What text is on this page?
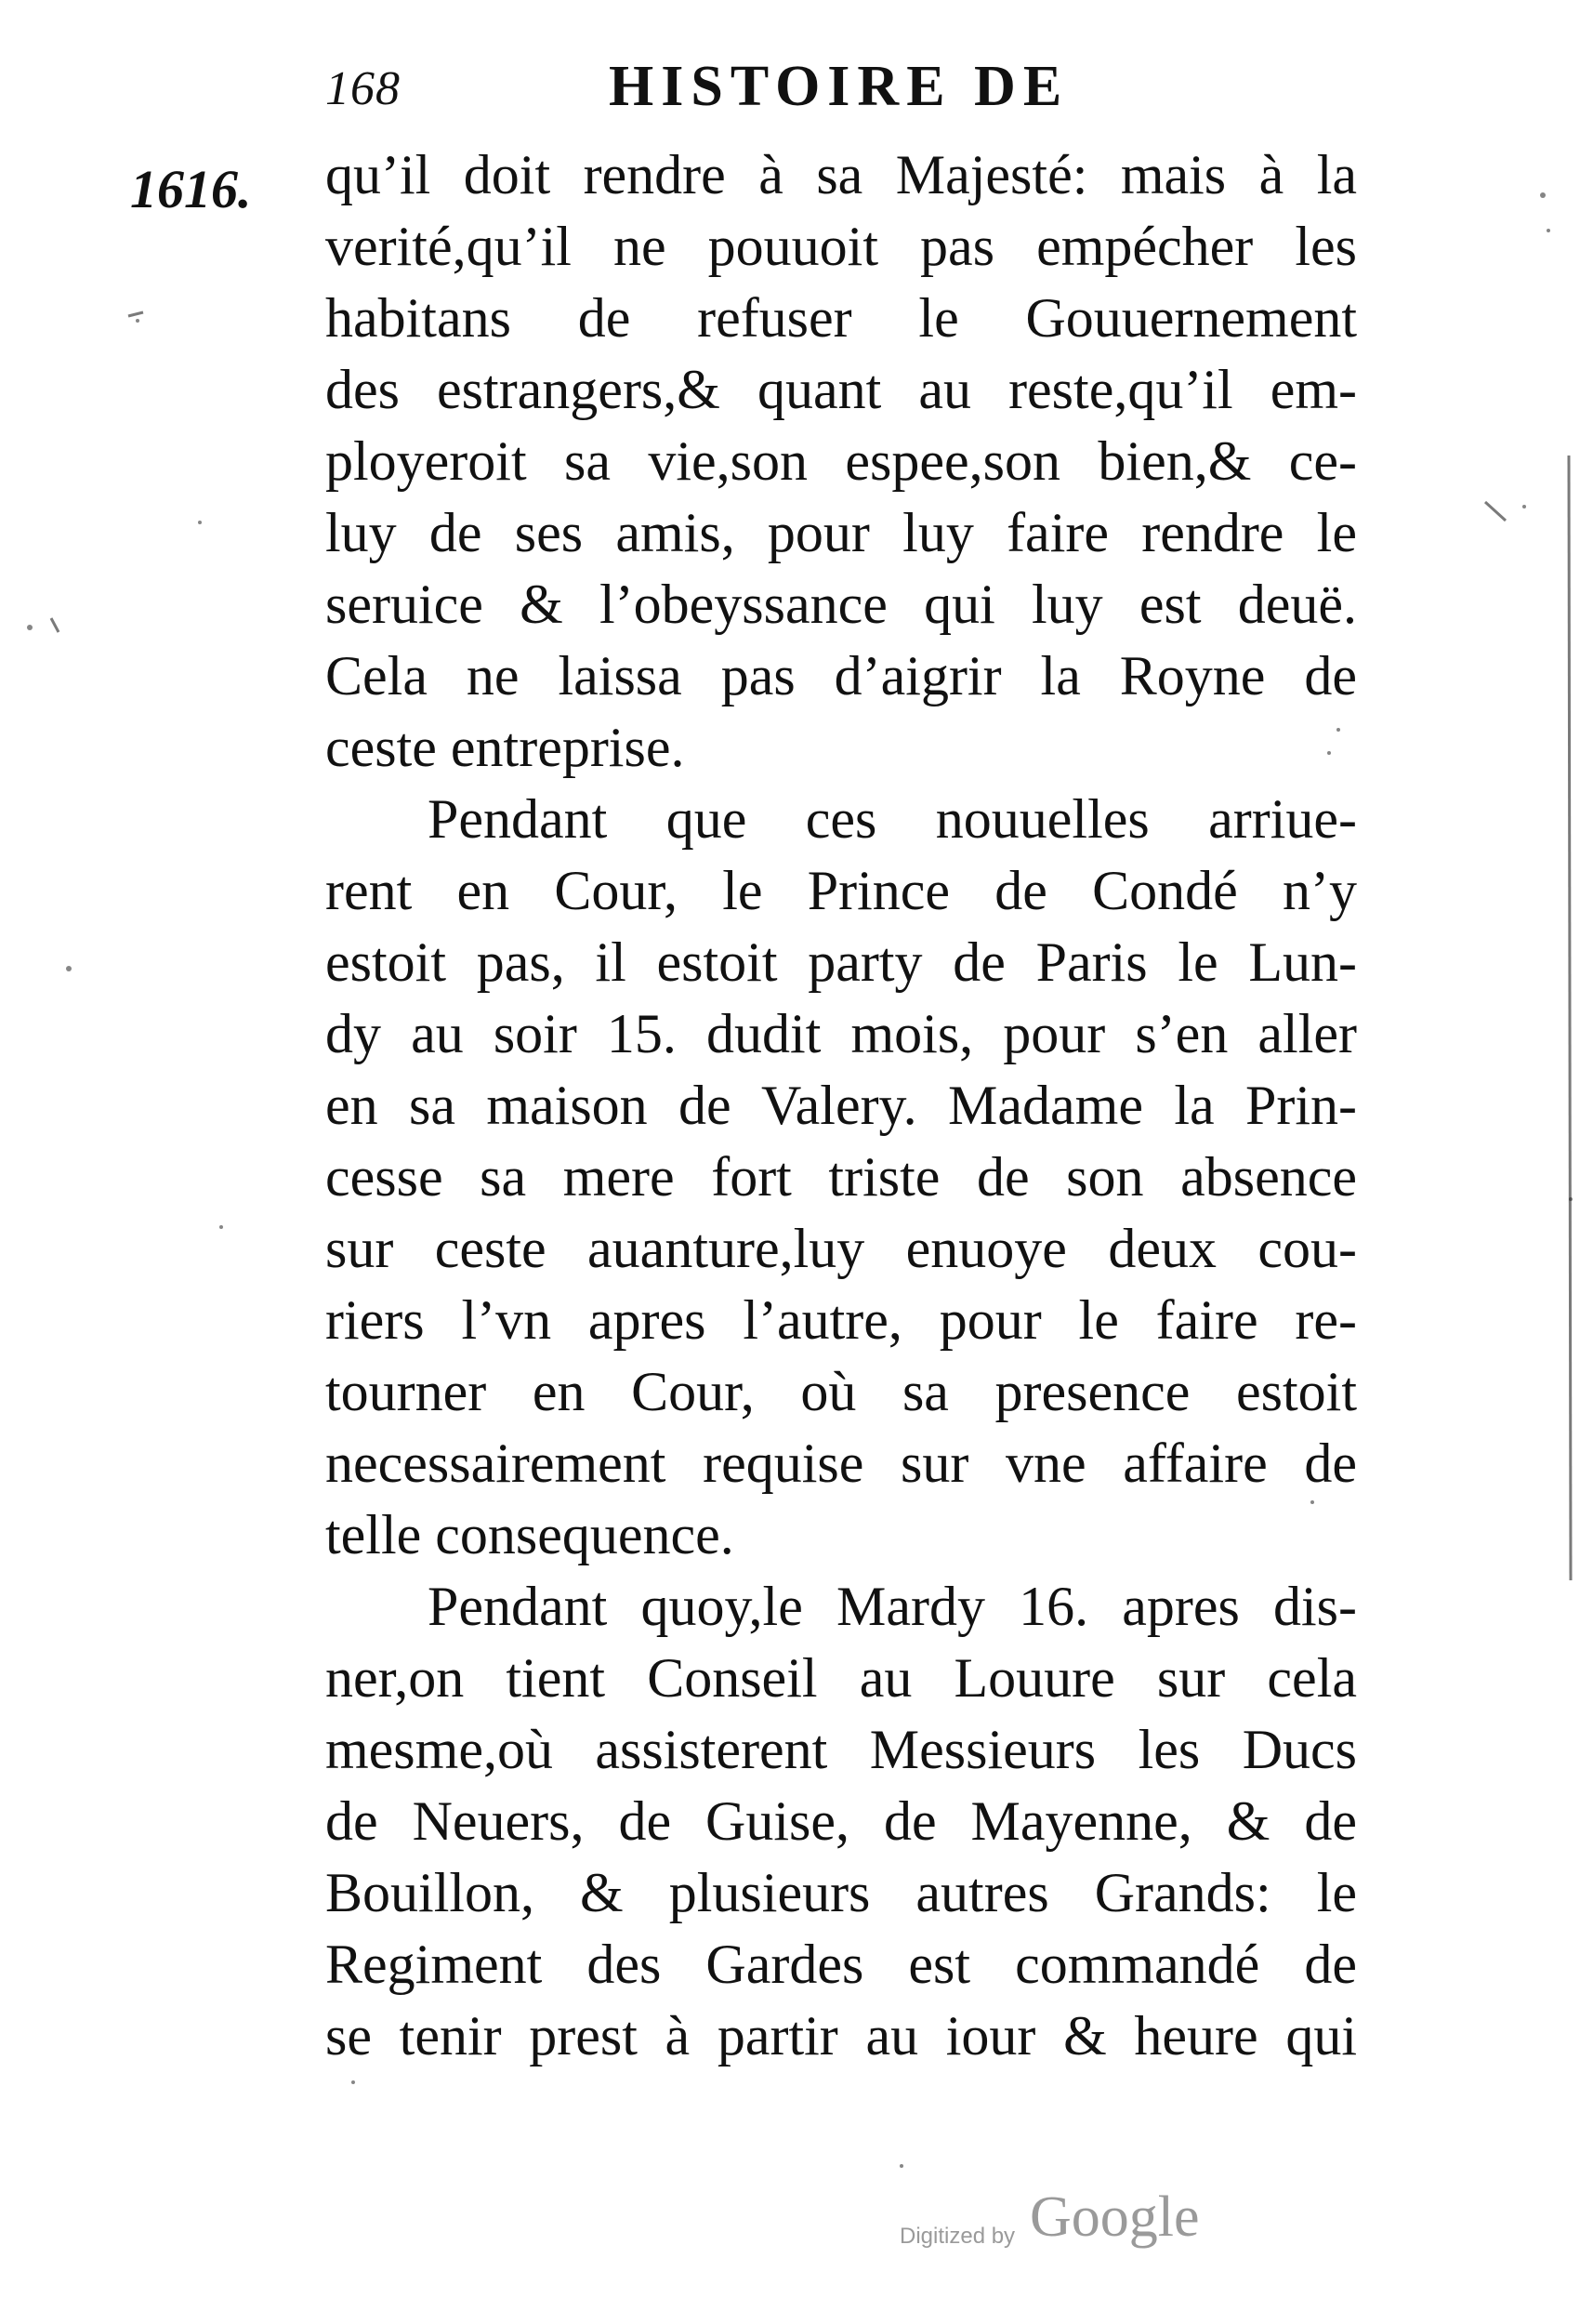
168	HISTOIRE DE
1616. qu’il doit rendre à sa Majesté: mais à la
verité,qu’il ne pouuoit pas empécher les
habitans de refuser le Gouuernement
des estrangers,& quant au reste,qu’il em-
ployeroit sa vie,son espee,son bien,& ce-
luy de ses amis, pour luy faire rendre le
seruice & l’obeyssance qui luy est deuë.
Cela ne laissa pas d’aigrir la Royne de
ceste entreprise.
Pendant que ces nouuelles arriue-
rent en Cour, le Prince de Condé n’y
estoit pas, il estoit party de Paris le Lun-
dy au soir 15. dudit mois, pour s’en aller
en sa maison de Valery. Madame la Prin-
cesse sa mere fort triste de son absence
sur ceste auanture,luy enuoye deux cou-
riers l’vn apres l’autre, pour le faire re-
tourner en Cour, où sa presence estoit
necessairement requise sur vne affaire de
telle consequence.
Pendant quoy,le Mardy 16. apres dis-
ner,on tient Conseil au Louure sur cela
mesme,où assisterent Messieurs les Ducs
de Neuers, de Guise, de Mayenne, & de
Bouillon, & plusieurs autres Grands: le
Regiment des Gardes est commandé de
se tenir prest à partir au iour & heure qui
Digitized by Google
